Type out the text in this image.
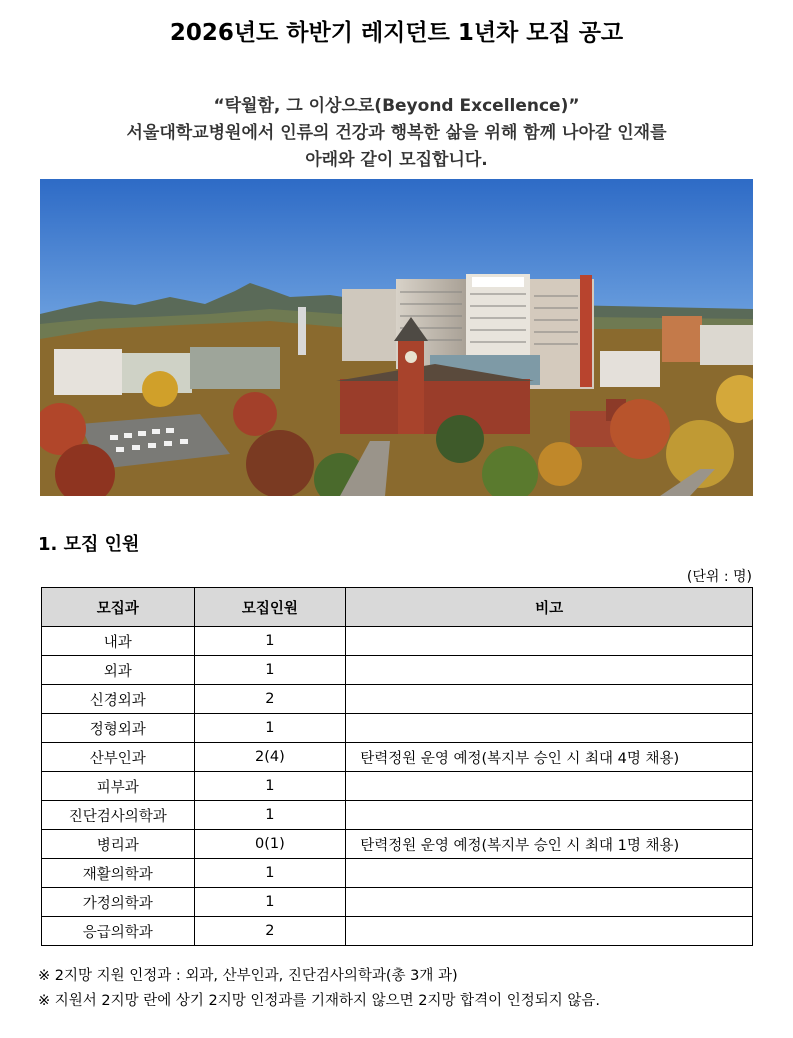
2026년도 하반기 레지던트 1년차 모집 공고
“탁월함, 그 이상으로(Beyond Excellence)”
서울대학교병원에서 인류의 건강과 행복한 삶을 위해 함께 나아갈 인재를
아래와 같이 모집합니다.
1. 모집 인원
(단위 : 명)
모집과	모집인원	비고
내과	1	
외과	1	
신경외과	2	
정형외과	1	
산부인과	2(4)	탄력정원 운영 예정(복지부 승인 시 최대 4명 채용)
피부과	1	
진단검사의학과	1	
병리과	0(1)	탄력정원 운영 예정(복지부 승인 시 최대 1명 채용)
재활의학과	1	
가정의학과	1	
응급의학과	2	
※ 2지망 지원 인정과 : 외과, 산부인과, 진단검사의학과(총 3개 과)
※ 지원서 2지망 란에 상기 2지망 인정과를 기재하지 않으면 2지망 합격이 인정되지 않음.
